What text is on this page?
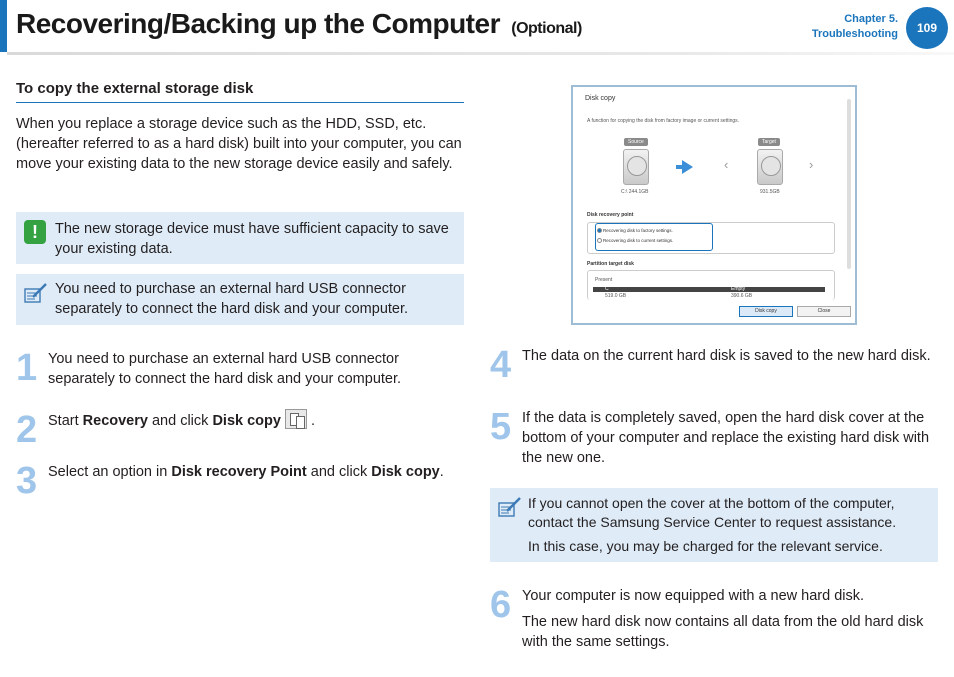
Recovering/Backing up the Computer (Optional)
Chapter 5.
Troubleshooting	109
To copy the external storage disk
When you replace a storage device such as the HDD, SSD, etc. (hereafter referred to as a hard disk) built into your computer, you can move your existing data to the new storage device easily and safely.
!	The new storage device must have sufficient capacity to save your existing data.

You need to purchase an external hard USB connector separately to connect the hard disk and your computer.

1 You need to purchase an external hard USB connector separately to connect the hard disk and your computer.
2 Start Recovery and click Disk copy .
3 Select an option in Disk recovery Point and click Disk copy.
Disk copy
A function for copying the disk from factory image or current settings.
Source	Target
C:\ 244.1GB	931.5GB
‹	›
Disk recovery point
Recovering disk to factory settings.
Recovering disk to current settings.
Partition target disk
Present
C	Empty
519.0 GB	390.6 GB
Disk copy	Close
4 The data on the current hard disk is saved to the new hard disk.
5 If the data is completely saved, open the hard disk cover at the bottom of your computer and replace the existing hard disk with the new one.

If you cannot open the cover at the bottom of the computer, contact the Samsung Service Center to request assistance.

In this case, you may be charged for the relevant service.

6 Your computer is now equipped with a new hard disk.

The new hard disk now contains all data from the old hard disk with the same settings.
